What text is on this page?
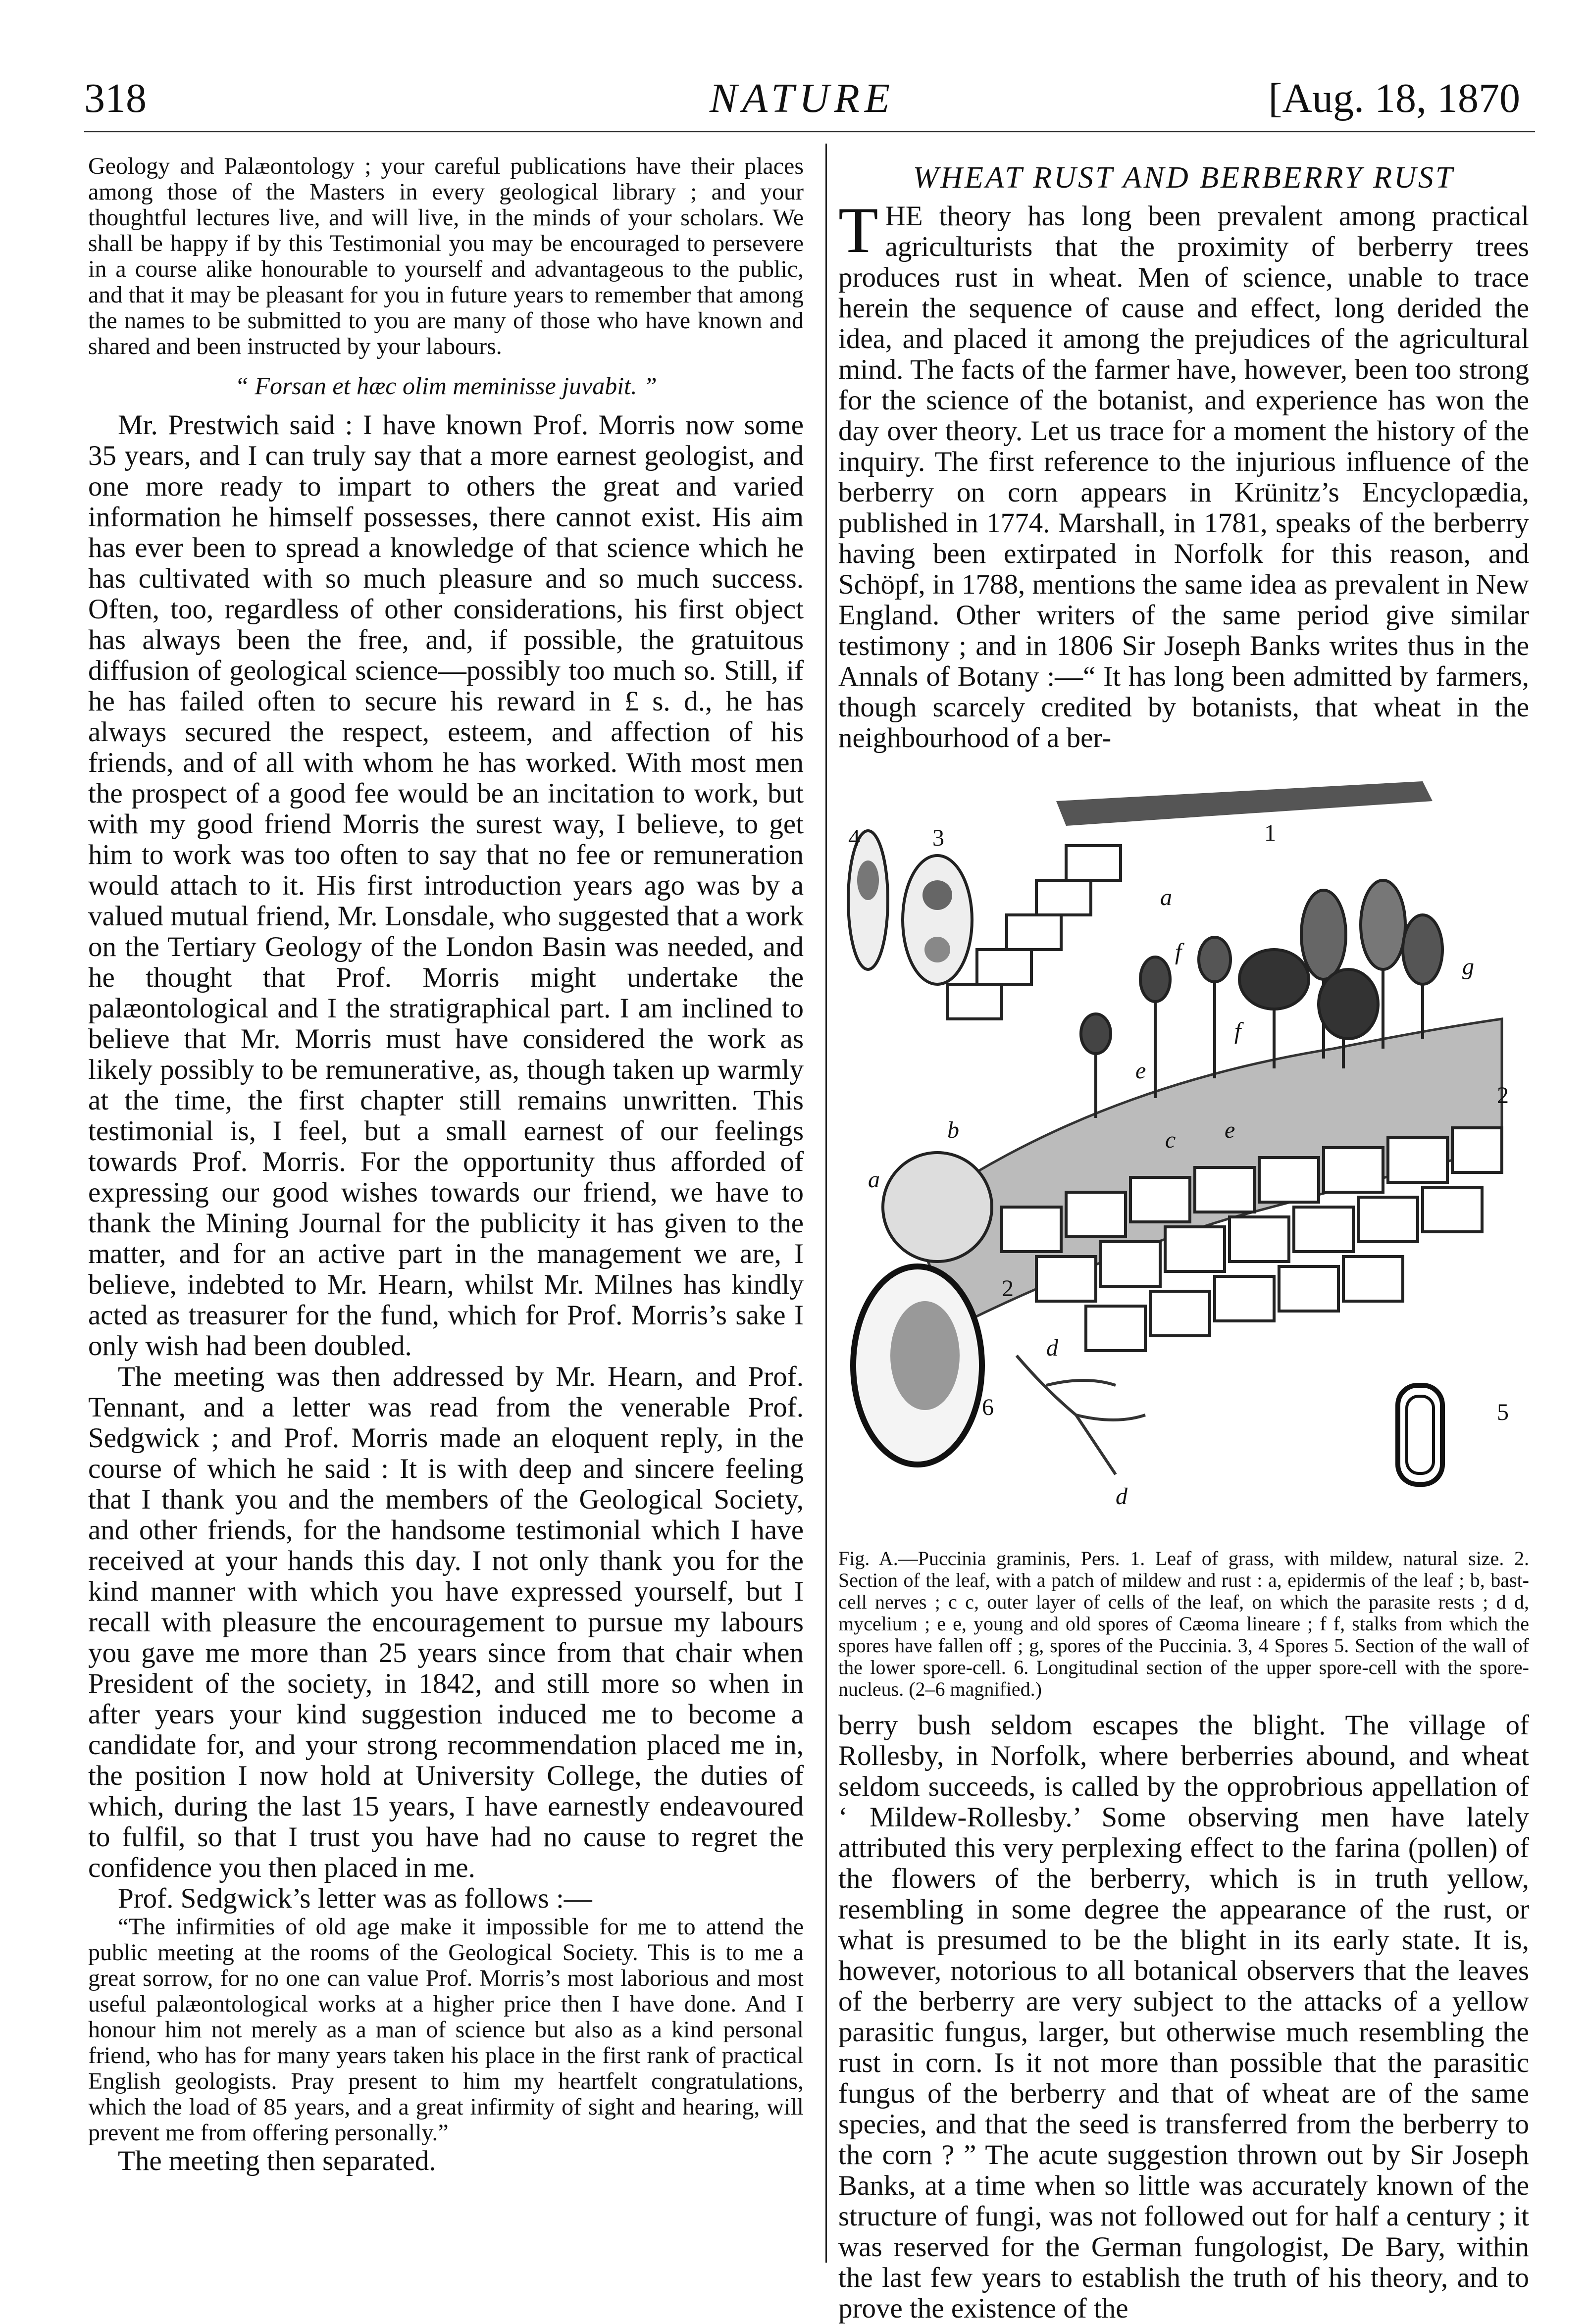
318	NATURE	[Aug. 18, 1870

Geology and Palæontology ; your careful publications have their places among those of the Masters in every geological library ; and your thoughtful lectures live, and will live, in the minds of your scholars. We shall be happy if by this Testimonial you may be encouraged to persevere in a course alike honourable to yourself and advantageous to the public, and that it may be pleasant for you in future years to remember that among the names to be submitted to you are many of those who have known and shared and been instructed by your labours.

“ Forsan et hæc olim meminisse juvabit. ”

Mr. Prestwich said : I have known Prof. Morris now some 35 years, and I can truly say that a more earnest geologist, and one more ready to impart to others the great and varied information he himself possesses, there cannot exist. His aim has ever been to spread a knowledge of that science which he has cultivated with so much pleasure and so much success. Often, too, regardless of other considerations, his first object has always been the free, and, if possible, the gratuitous diffusion of geological science—possibly too much so. Still, if he has failed often to secure his reward in £ s. d., he has always secured the respect, esteem, and affection of his friends, and of all with whom he has worked. With most men the prospect of a good fee would be an incitation to work, but with my good friend Morris the surest way, I believe, to get him to work was too often to say that no fee or remuneration would attach to it. His first introduction years ago was by a valued mutual friend, Mr. Lonsdale, who suggested that a work on the Tertiary Geology of the London Basin was needed, and he thought that Prof. Morris might undertake the palæontological and I the stratigraphical part. I am inclined to believe that Mr. Morris must have considered the work as likely possibly to be remunerative, as, though taken up warmly at the time, the first chapter still remains unwritten. This testimonial is, I feel, but a small earnest of our feelings towards Prof. Morris. For the opportunity thus afforded of expressing our good wishes towards our friend, we have to thank the Mining Journal for the publicity it has given to the matter, and for an active part in the management we are, I believe, indebted to Mr. Hearn, whilst Mr. Milnes has kindly acted as treasurer for the fund, which for Prof. Morris’s sake I only wish had been doubled.

The meeting was then addressed by Mr. Hearn, and Prof. Tennant, and a letter was read from the venerable Prof. Sedgwick ; and Prof. Morris made an eloquent reply, in the course of which he said : It is with deep and sincere feeling that I thank you and the members of the Geological Society, and other friends, for the handsome testimonial which I have received at your hands this day. I not only thank you for the kind manner with which you have expressed yourself, but I recall with pleasure the encouragement to pursue my labours you gave me more than 25 years since from that chair when President of the society, in 1842, and still more so when in after years your kind suggestion induced me to become a candidate for, and your strong recommendation placed me in, the position I now hold at University College, the duties of which, during the last 15 years, I have earnestly endeavoured to fulfil, so that I trust you have had no cause to regret the confidence you then placed in me.

Prof. Sedgwick’s letter was as follows :—

“The infirmities of old age make it impossible for me to attend the public meeting at the rooms of the Geological Society. This is to me a great sorrow, for no one can value Prof. Morris’s most laborious and most useful palæontological works at a higher price then I have done. And I honour him not merely as a man of science but also as a kind personal friend, who has for many years taken his place in the first rank of practical English geologists. Pray present to him my heartfelt congratulations, which the load of 85 years, and a great infirmity of sight and hearing, will prevent me from offering personally.”

The meeting then separated.

WHEAT RUST AND BERBERRY RUST

THE theory has long been prevalent among practical agriculturists that the proximity of berberry trees produces rust in wheat. Men of science, unable to trace herein the sequence of cause and effect, long derided the idea, and placed it among the prejudices of the agricultural mind. The facts of the farmer have, however, been too strong for the science of the botanist, and experience has won the day over theory. Let us trace for a moment the history of the inquiry. The first reference to the injurious influence of the berberry on corn appears in Krünitz’s Encyclopædia, published in 1774. Marshall, in 1781, speaks of the berberry having been extirpated in Norfolk for this reason, and Schöpf, in 1788, mentions the same idea as prevalent in New England. Other writers of the same period give similar testimony ; and in 1806 Sir Joseph Banks writes thus in the Annals of Botany :—“ It has long been admitted by farmers, though scarcely credited by botanists, that wheat in the neighbourhood of a ber-

1
2
2
3
4
5
6
a
a
b	c
d
d
e
e
f
f
g

Fig. A.—Puccinia graminis, Pers. 1. Leaf of grass, with mildew, natural size. 2. Section of the leaf, with a patch of mildew and rust : a, epidermis of the leaf ; b, bast-cell nerves ; c c, outer layer of cells of the leaf, on which the parasite rests ; d d, mycelium ; e e, young and old spores of Cæoma lineare ; f f, stalks from which the spores have fallen off ; g, spores of the Puccinia. 3, 4 Spores 5. Section of the wall of the lower spore-cell. 6. Longitudinal section of the upper spore-cell with the spore-nucleus. (2–6 magnified.)

berry bush seldom escapes the blight. The village of Rollesby, in Norfolk, where berberries abound, and wheat seldom succeeds, is called by the opprobrious appellation of ‘ Mildew-Rollesby.’ Some observing men have lately attributed this very perplexing effect to the farina (pollen) of the flowers of the berberry, which is in truth yellow, resembling in some degree the appearance of the rust, or what is presumed to be the blight in its early state. It is, however, notorious to all botanical observers that the leaves of the berberry are very subject to the attacks of a yellow parasitic fungus, larger, but otherwise much resembling the rust in corn. Is it not more than possible that the parasitic fungus of the berberry and that of wheat are of the same species, and that the seed is transferred from the berberry to the corn ? ” The acute suggestion thrown out by Sir Joseph Banks, at a time when so little was accurately known of the structure of fungi, was not followed out for half a century ; it was reserved for the German fungologist, De Bary, within the last few years to establish the truth of his theory, and to prove the existence of the
